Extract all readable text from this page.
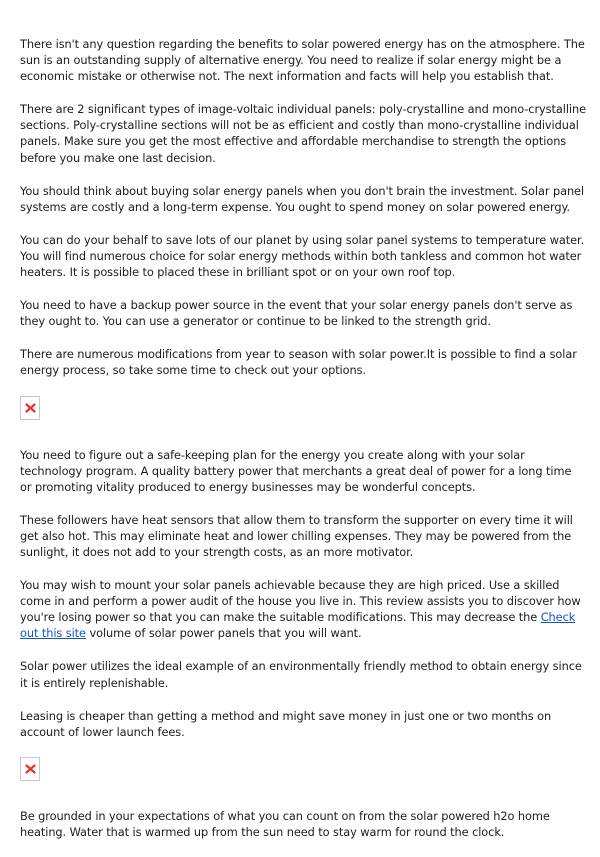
There isn't any question regarding the benefits to solar powered energy has on the atmosphere. The sun is an outstanding supply of alternative energy. You need to realize if solar energy might be a economic mistake or otherwise not. The next information and facts will help you establish that.

There are 2 significant types of image-voltaic individual panels: poly-crystalline and mono-crystalline sections. Poly-crystalline sections will not be as efficient and costly than mono-crystalline individual panels. Make sure you get the most effective and affordable merchandise to strength the options before you make one last decision.

You should think about buying solar energy panels when you don't brain the investment. Solar panel systems are costly and a long-term expense. You ought to spend money on solar powered energy.

You can do your behalf to save lots of our planet by using solar panel systems to temperature water. You will find numerous choice for solar energy methods within both tankless and common hot water heaters. It is possible to placed these in brilliant spot or on your own roof top.

You need to have a backup power source in the event that your solar energy panels don't serve as they ought to. You can use a generator or continue to be linked to the strength grid.

There are numerous modifications from year to season with solar power.It is possible to find a solar energy process, so take some time to check out your options.

You need to figure out a safe-keeping plan for the energy you create along with your solar technology program. A quality battery power that merchants a great deal of power for a long time or promoting vitality produced to energy businesses may be wonderful concepts.

These followers have heat sensors that allow them to transform the supporter on every time it will get also hot. This may eliminate heat and lower chilling expenses. They may be powered from the sunlight, it does not add to your strength costs, as an more motivator.

You may wish to mount your solar panels achievable because they are high priced. Use a skilled come in and perform a power audit of the house you live in. This review assists you to discover how you're losing power so that you can make the suitable modifications. This may decrease the Check out this site volume of solar power panels that you will want.

Solar power utilizes the ideal example of an environmentally friendly method to obtain energy since it is entirely replenishable.

Leasing is cheaper than getting a method and might save money in just one or two months on account of lower launch fees.

Be grounded in your expectations of what you can count on from the solar powered h2o home heating. Water that is warmed up from the sun need to stay warm for round the clock.
